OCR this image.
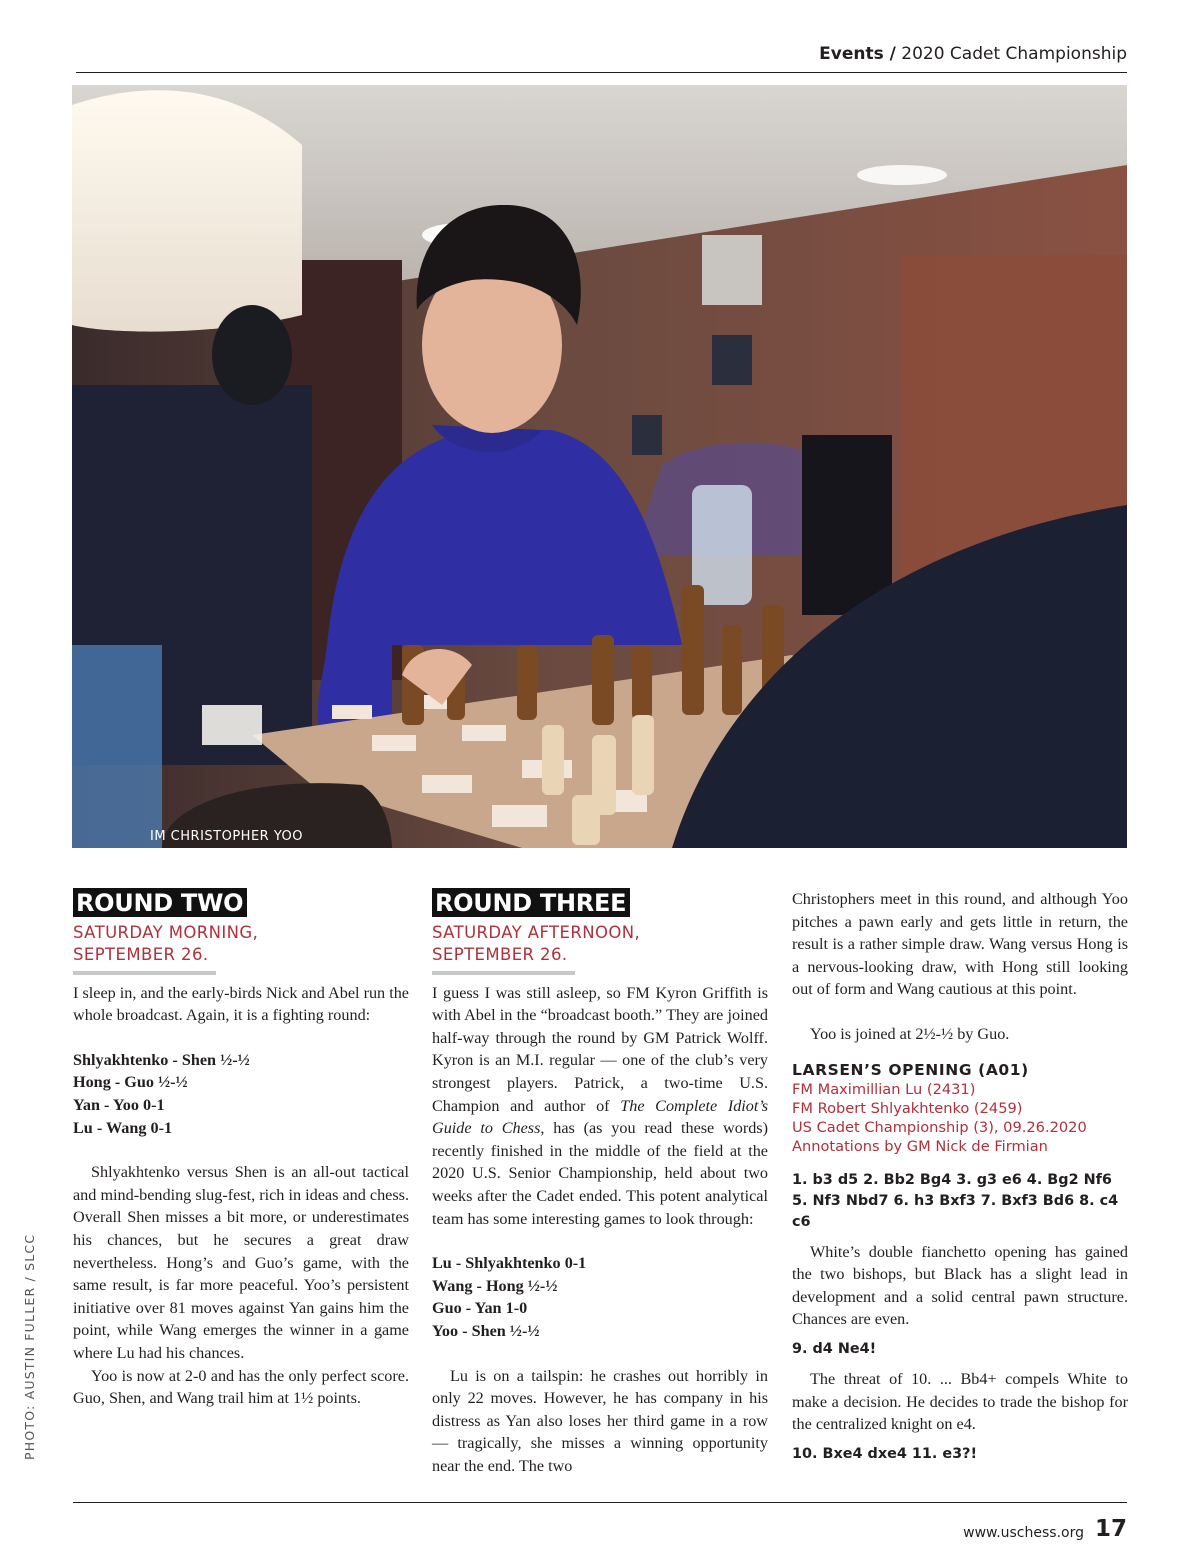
Events / 2020 Cadet Championship
IM CHRISTOPHER YOO
PHOTO: AUSTIN FULLER / SLCC
ROUND TWO
SATURDAY MORNING,
SEPTEMBER 26.

I sleep in, and the early-birds Nick and Abel run the whole broadcast. Again, it is a fighting round:

Shlyakhtenko - Shen ½-½
Hong - Guo ½-½
Yan - Yoo 0-1
Lu - Wang 0-1

Shlyakhtenko versus Shen is an all-out tactical and mind-bending slug-fest, rich in ideas and chess. Overall Shen misses a bit more, or underestimates his chances, but he secures a great draw nevertheless. Hong’s and Guo’s game, with the same result, is far more peaceful. Yoo’s persistent initiative over 81 moves against Yan gains him the point, while Wang emerges the winner in a game where Lu had his chances.

Yoo is now at 2-0 and has the only perfect score. Guo, Shen, and Wang trail him at 1½ points.

ROUND THREE
SATURDAY AFTERNOON,
SEPTEMBER 26.

I guess I was still asleep, so FM Kyron Griffith is with Abel in the “broadcast booth.” They are joined half-way through the round by GM Patrick Wolff. Kyron is an M.I. regular — one of the club’s very strongest players. Patrick, a two-time U.S. Champion and author of The Complete Idiot’s Guide to Chess, has (as you read these words) recently finished in the middle of the field at the 2020 U.S. Senior Championship, held about two weeks after the Cadet ended. This potent analytical team has some interesting games to look through:

Lu - Shlyakhtenko 0-1
Wang - Hong ½-½
Guo - Yan 1-0
Yoo - Shen ½-½

Lu is on a tailspin: he crashes out horribly in only 22 moves. However, he has company in his distress as Yan also loses her third game in a row — tragically, she misses a winning opportunity near the end. The two

Christophers meet in this round, and although Yoo pitches a pawn early and gets little in return, the result is a rather simple draw. Wang versus Hong is a nervous-looking draw, with Hong still looking out of form and Wang cautious at this point.

Yoo is joined at 2½-½ by Guo.

LARSEN’S OPENING (A01)
FM Maximillian Lu (2431)
FM Robert Shlyakhtenko (2459)
US Cadet Championship (3), 09.26.2020
Annotations by GM Nick de Firmian
1. b3 d5 2. Bb2 Bg4 3. g3 e6 4. Bg2 Nf6 5. Nf3 Nbd7 6. h3 Bxf3 7. Bxf3 Bd6 8. c4 c6

White’s double fianchetto opening has gained the two bishops, but Black has a slight lead in development and a solid central pawn structure. Chances are even.

9. d4 Ne4!

The threat of 10. ... Bb4+ compels White to make a decision. He decides to trade the bishop for the centralized knight on e4.

10. Bxe4 dxe4 11. e3?!
www.uschess.org 17
